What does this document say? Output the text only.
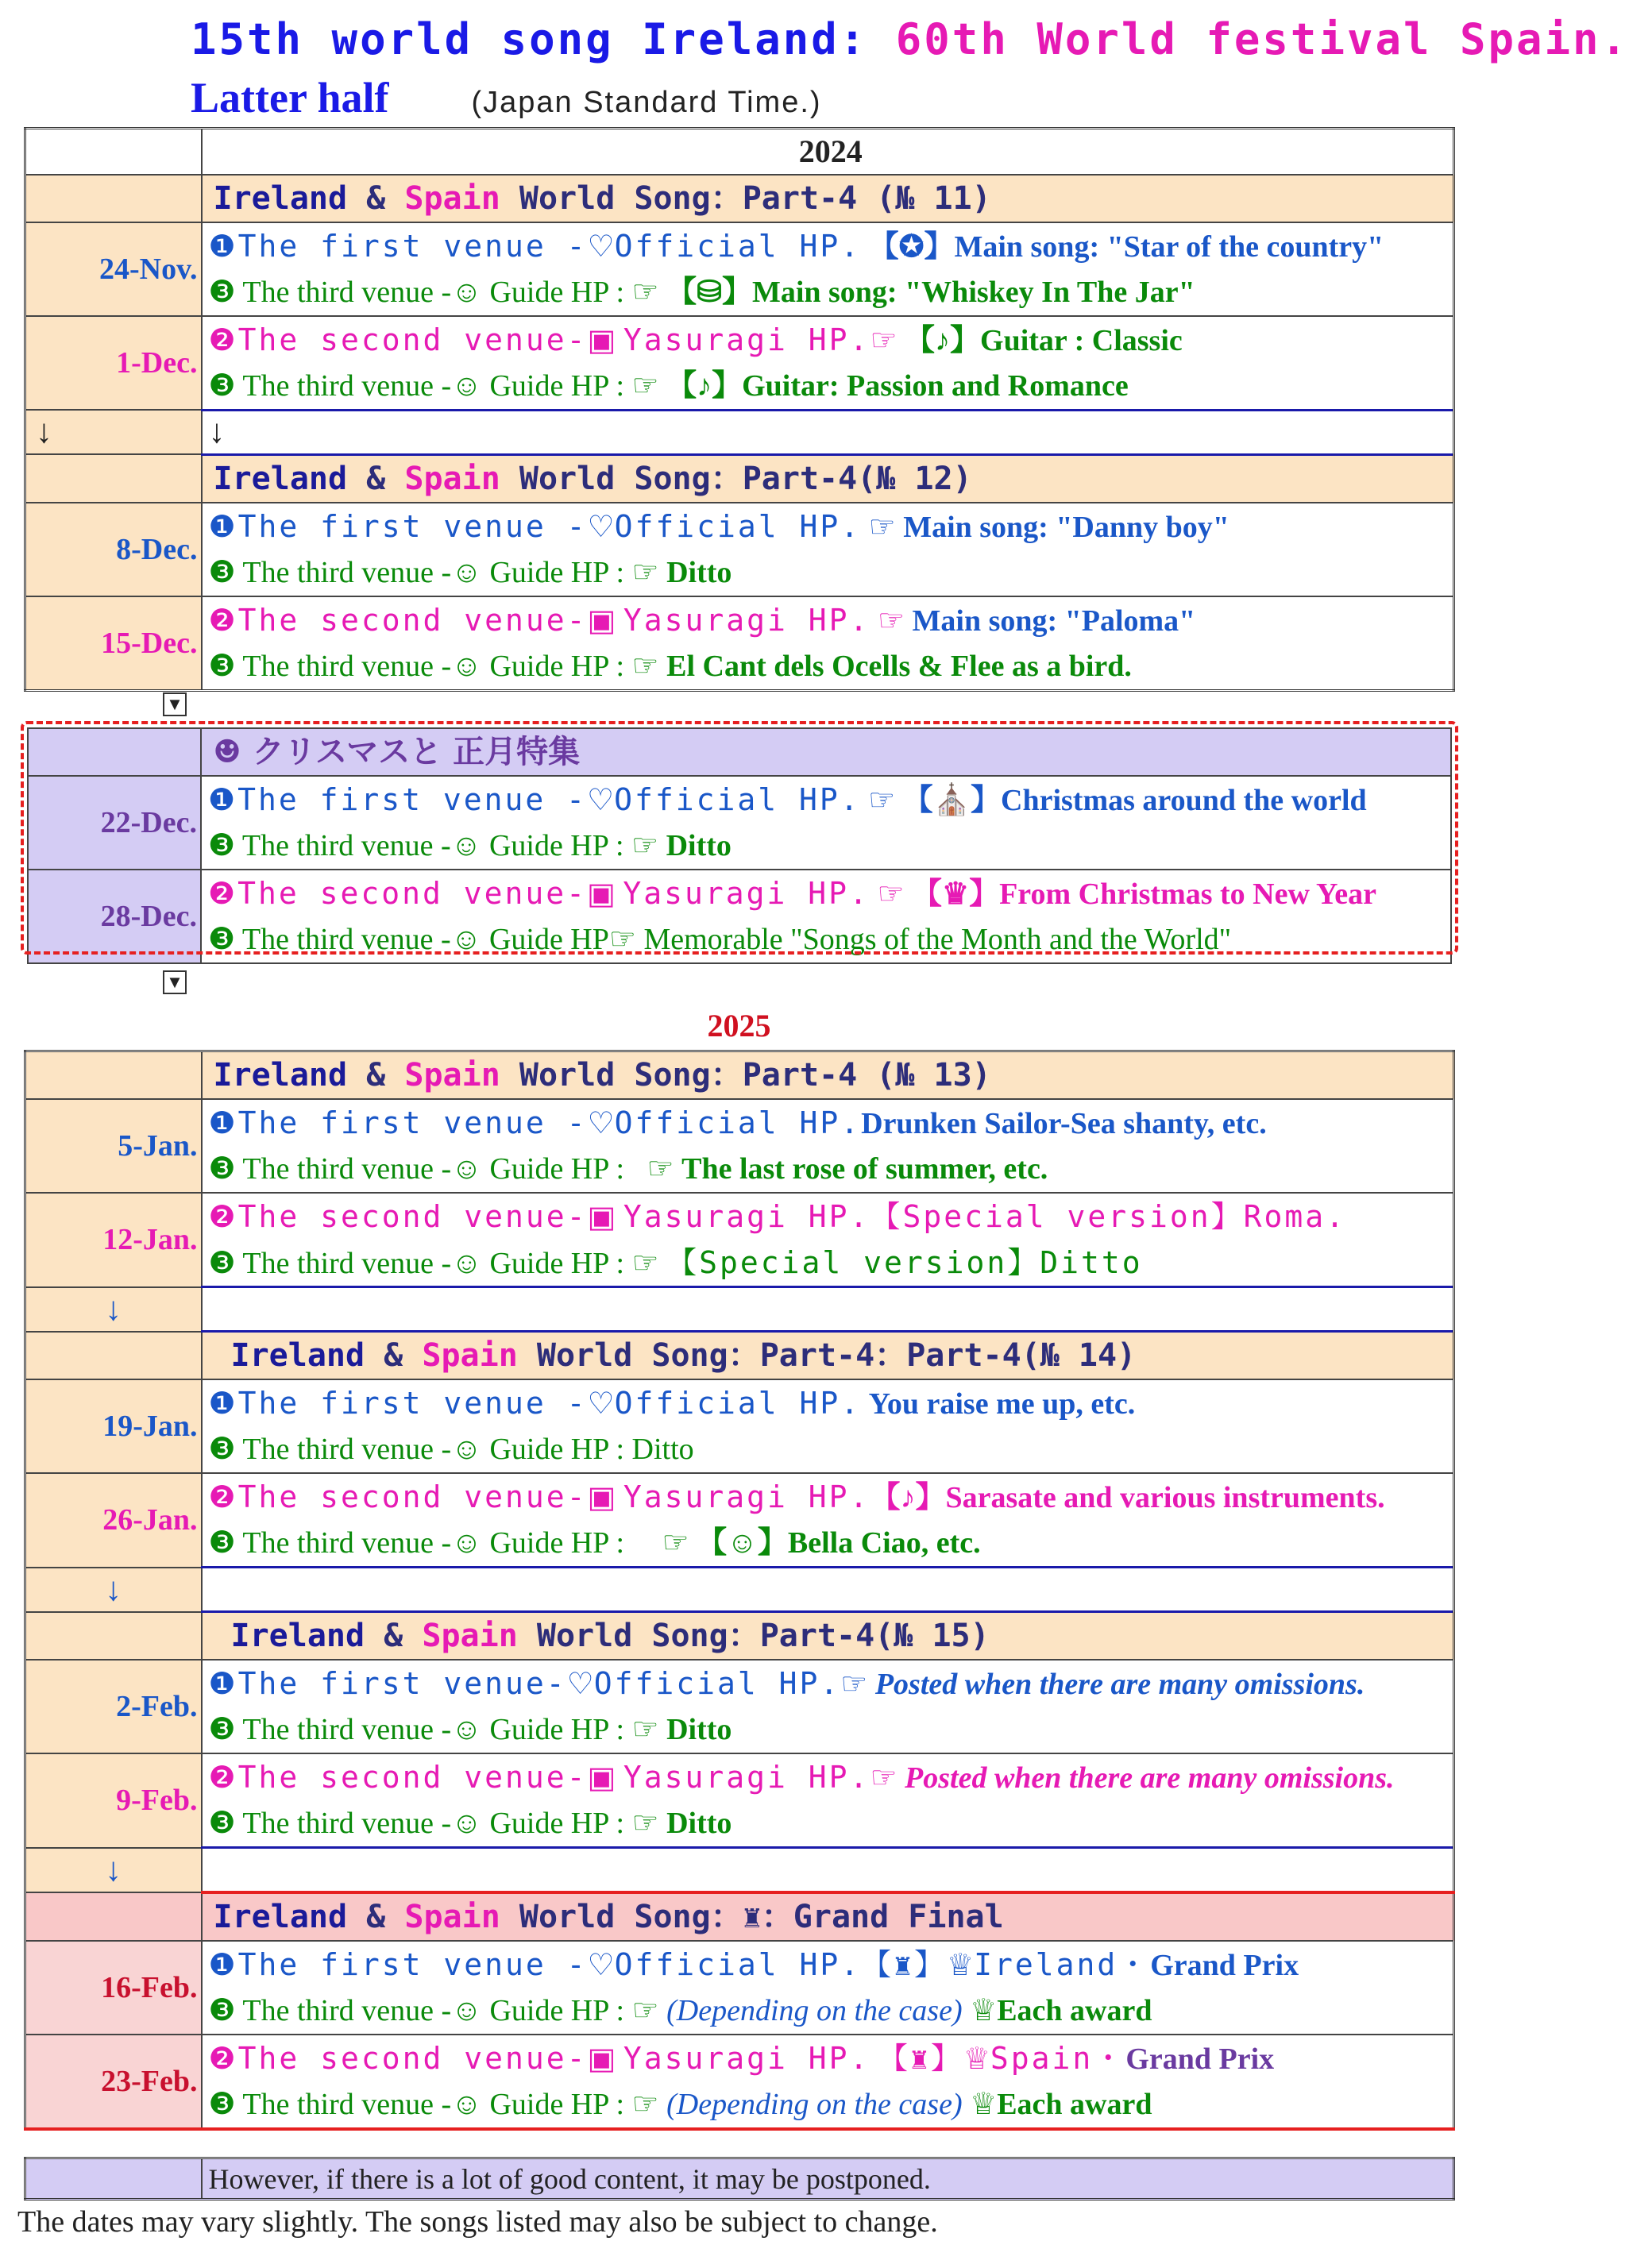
15th world song Ireland: 60th World festival Spain.
Latter half	(Japan Standard Time.)
	2024
	Ireland & Spain World Song：Part-4 (№ 11)
24-Nov.	❶The first venue -♡Official HP. 【✪】Main song: "Star of the country"
❸ The third venue -☺ Guide HP : ☞ 【⛁】Main song: "Whiskey In The Jar"

1-Dec.	❷The second venue-▣ Yasuragi HP.☞ 【♪】Guitar : Classic
❸ The third venue -☺ Guide HP : ☞ 【♪】Guitar: Passion and Romance

↓	↓
	Ireland & Spain World Song：Part-4(№ 12)
8-Dec.	❶The first venue -♡Official HP. ☞ Main song: "Danny boy"
❸ The third venue -☺ Guide HP : ☞ Ditto

15-Dec.	❷The second venue-▣ Yasuragi HP. ☞ Main song: "Paloma"
❸ The third venue -☺ Guide HP : ☞ El Cant dels Ocells & Flee as a bird.
▼
	☻ クリスマスと 正月特集
22-Dec.	❶The first venue -♡Official HP. ☞ 【⛪】Christmas around the world
❸ The third venue -☺ Guide HP : ☞ Ditto

28-Dec.	❷The second venue-▣ Yasuragi HP. ☞ 【♛】From Christmas to New Year
❸ The third venue -☺ Guide HP☞ Memorable "Songs of the Month and the World"
▼
2025
	Ireland & Spain World Song：Part-4 (№ 13)
5-Jan.	❶The first venue -♡Official HP.Drunken Sailor-Sea shanty, etc.
❸ The third venue -☺ Guide HP : ☞ The last rose of summer, etc.

12-Jan.	❷The second venue-▣ Yasuragi HP.【Special version】Roma.
❸ The third venue -☺ Guide HP : ☞ 【Special version】Ditto

↓	
	Ireland & Spain World Song：Part-4：Part-4(№ 14)
19-Jan.	❶The first venue -♡Official HP. You raise me up, etc.
❸ The third venue -☺ Guide HP : Ditto

26-Jan.	❷The second venue-▣ Yasuragi HP.【♪】Sarasate and various instruments.
❸ The third venue -☺ Guide HP : ☞ 【☺】Bella Ciao, etc.

↓	
	Ireland & Spain World Song：Part-4(№ 15)
2-Feb.	❶The first venue-♡Official HP.☞ Posted when there are many omissions.
❸ The third venue -☺ Guide HP : ☞ Ditto

9-Feb.	❷The second venue-▣ Yasuragi HP.☞ Posted when there are many omissions.
❸ The third venue -☺ Guide HP : ☞ Ditto

↓	
	Ireland & Spain World Song：♜：Grand Final
16-Feb.	❶The first venue -♡Official HP.【♜】♕Ireland・Grand Prix
❸ The third venue -☺ Guide HP : ☞ (Depending on the case) ♕Each award

23-Feb.	❷The second venue-▣ Yasuragi HP. 【♜】♕Spain・Grand Prix
❸ The third venue -☺ Guide HP : ☞ (Depending on the case) ♕Each award
	However, if there is a lot of good content, it may be postponed.
The dates may vary slightly. The songs listed may also be subject to change.
